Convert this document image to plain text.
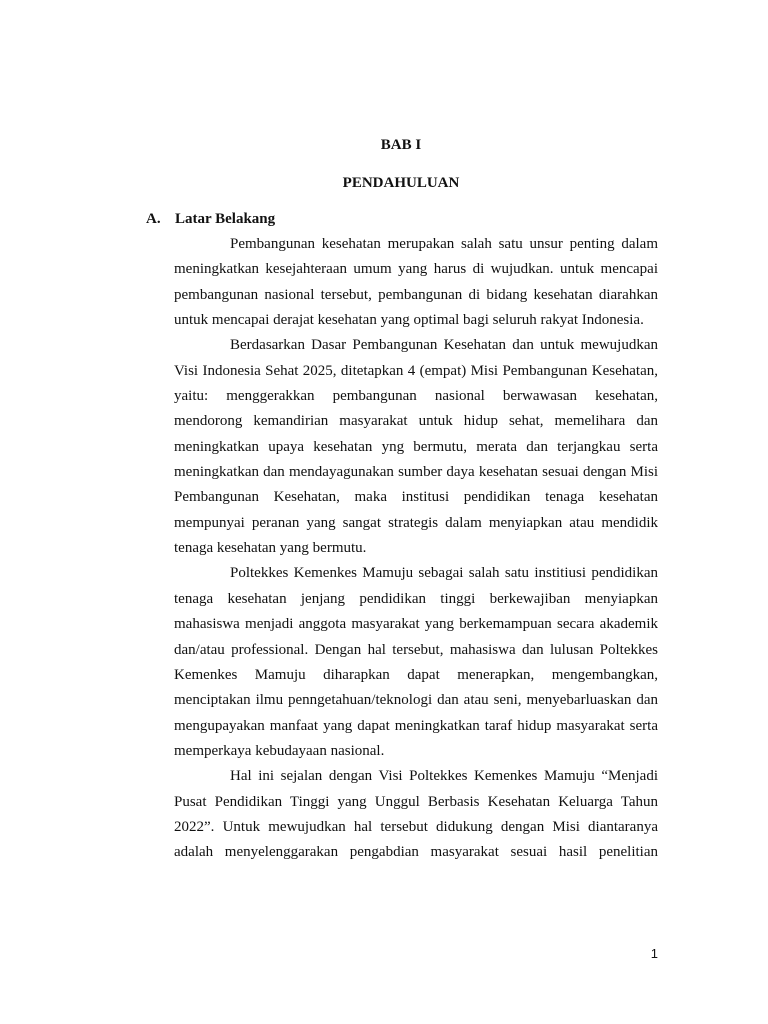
BAB I

PENDAHULUAN

A. Latar Belakang

Pembangunan kesehatan merupakan salah satu unsur penting dalam meningkatkan kesejahteraan umum yang harus di wujudkan. untuk mencapai pembangunan nasional tersebut, pembangunan di bidang kesehatan diarahkan untuk mencapai derajat kesehatan yang optimal bagi seluruh rakyat Indonesia.

Berdasarkan Dasar Pembangunan Kesehatan dan untuk mewujudkan Visi Indonesia Sehat 2025, ditetapkan 4 (empat) Misi Pembangunan Kesehatan, yaitu: menggerakkan pembangunan nasional berwawasan kesehatan, mendorong kemandirian masyarakat untuk hidup sehat, memelihara dan meningkatkan upaya kesehatan yng bermutu, merata dan terjangkau serta meningkatkan dan mendayagunakan sumber daya kesehatan sesuai dengan Misi Pembangunan Kesehatan, maka institusi pendidikan tenaga kesehatan mempunyai peranan yang sangat strategis dalam menyiapkan atau mendidik tenaga kesehatan yang bermutu.

Poltekkes Kemenkes Mamuju sebagai salah satu institiusi pendidikan tenaga kesehatan jenjang pendidikan tinggi berkewajiban menyiapkan mahasiswa menjadi anggota masyarakat yang berkemampuan secara akademik dan/atau professional. Dengan hal tersebut, mahasiswa dan lulusan Poltekkes Kemenkes Mamuju diharapkan dapat menerapkan, mengembangkan, menciptakan ilmu penngetahuan/teknologi dan atau seni, menyebarluaskan dan mengupayakan manfaat yang dapat meningkatkan taraf hidup masyarakat serta memperkaya kebudayaan nasional.

Hal ini sejalan dengan Visi Poltekkes Kemenkes Mamuju “Menjadi Pusat Pendidikan Tinggi yang Unggul Berbasis Kesehatan Keluarga Tahun 2022”. Untuk mewujudkan hal tersebut didukung dengan Misi diantaranya adalah menyelenggarakan pengabdian masyarakat sesuai hasil penelitian

1
